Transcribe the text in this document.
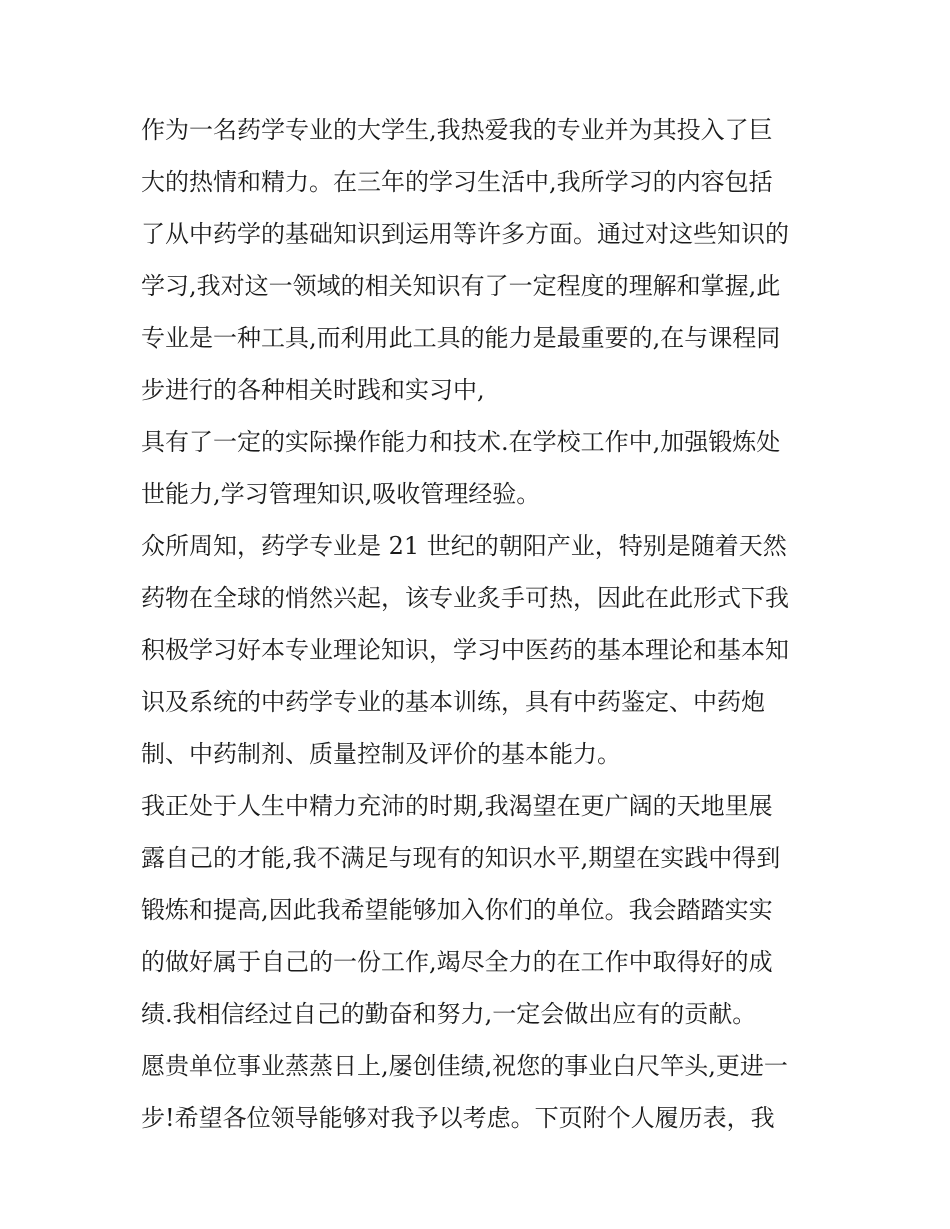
作为一名药学专业的大学生,我热爱我的专业并为其投入了巨
大的热情和精力。在三年的学习生活中,我所学习的内容包括
了从中药学的基础知识到运用等许多方面。通过对这些知识的
学习,我对这一领域的相关知识有了一定程度的理解和掌握,此
专业是一种工具,而利用此工具的能力是最重要的,在与课程同
步进行的各种相关时践和实习中,
具有了一定的实际操作能力和技术.在学校工作中,加强锻炼处
世能力,学习管理知识,吸收管理经验。
众所周知，药学专业是 21 世纪的朝阳产业，特别是随着天然
药物在全球的悄然兴起，该专业炙手可热，因此在此形式下我
积极学习好本专业理论知识，学习中医药的基本理论和基本知
识及系统的中药学专业的基本训练，具有中药鉴定、中药炮
制、中药制剂、质量控制及评价的基本能力。
我正处于人生中精力充沛的时期,我渴望在更广阔的天地里展
露自己的才能,我不满足与现有的知识水平,期望在实践中得到
锻炼和提高,因此我希望能够加入你们的单位。我会踏踏实实
的做好属于自己的一份工作,竭尽全力的在工作中取得好的成
绩.我相信经过自己的勤奋和努力,一定会做出应有的贡献。
愿贵单位事业蒸蒸日上,屡创佳绩,祝您的事业白尺竿头,更进一
步!希望各位领导能够对我予以考虑。下页附个人履历表，我
